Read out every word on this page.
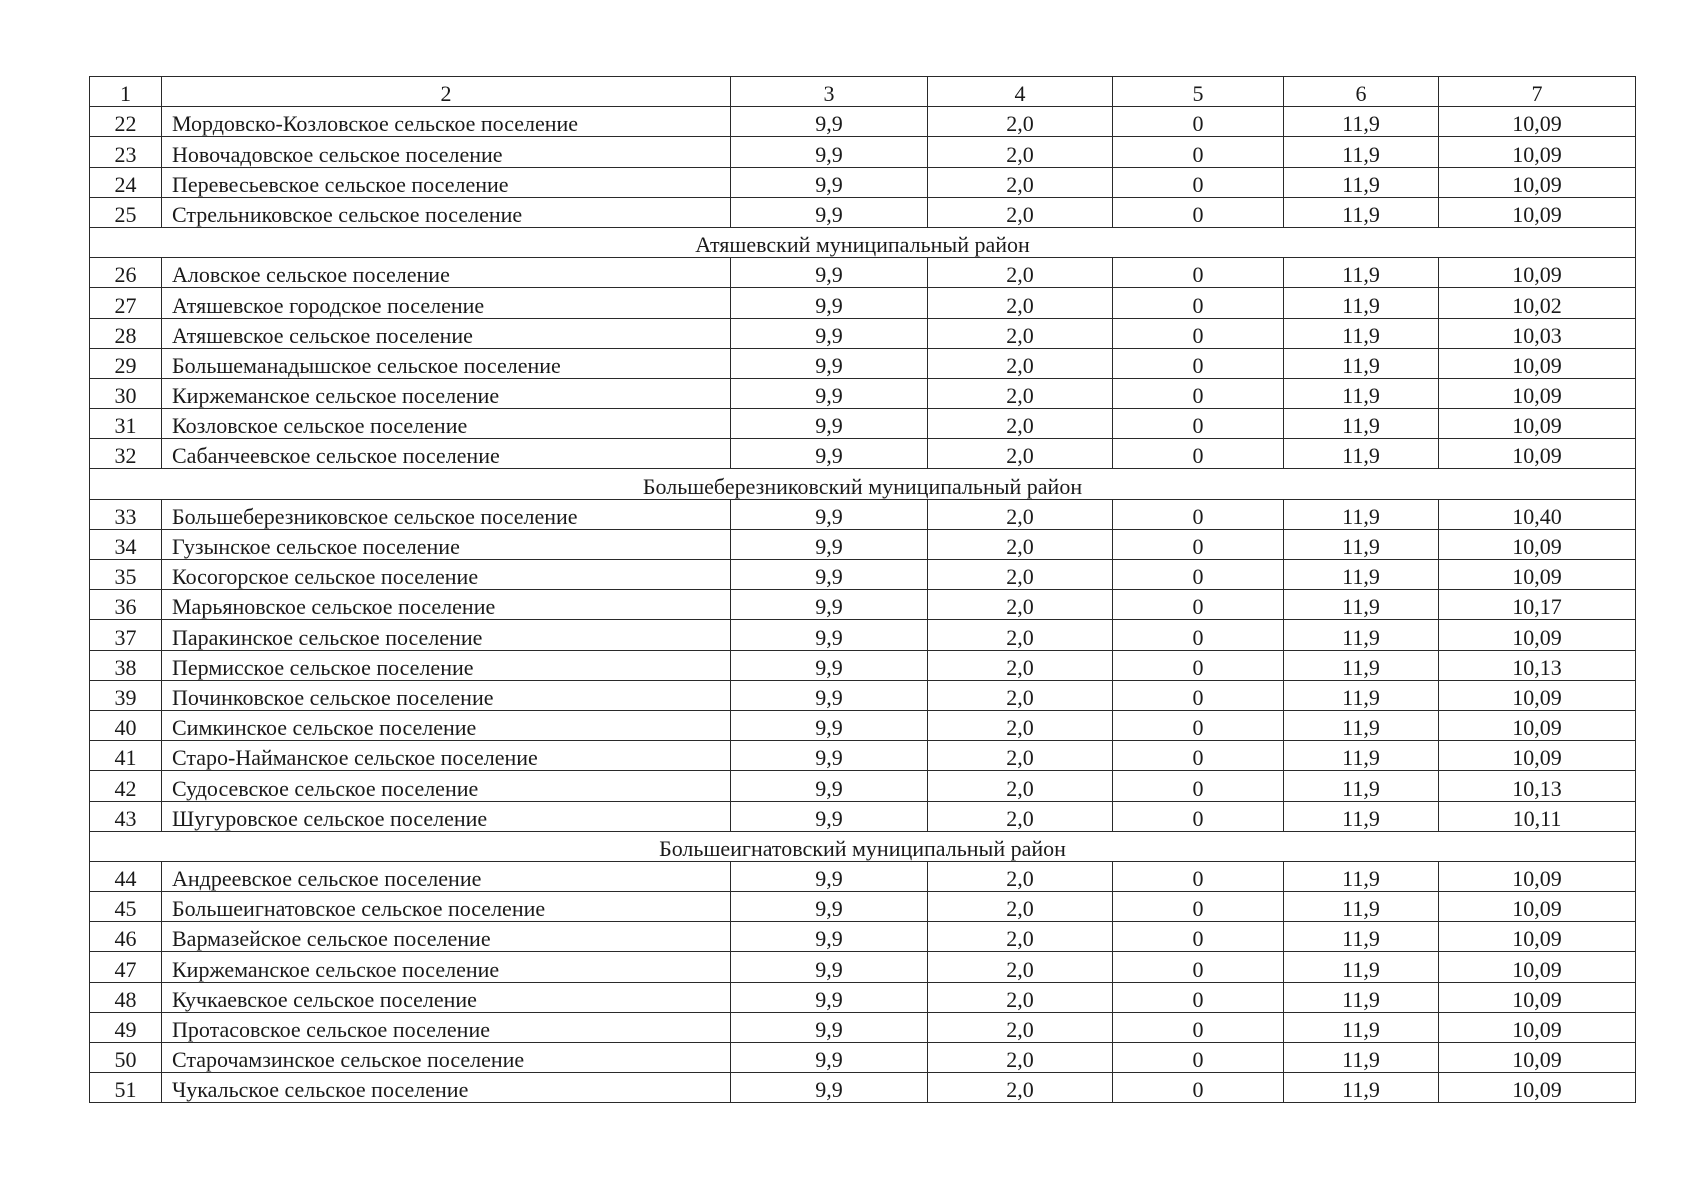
1	2	3	4	5	6	7
22	Мордовско-Козловское сельское поселение	9,9	2,0	0	11,9	10,09
23	Новочадовское сельское поселение	9,9	2,0	0	11,9	10,09
24	Перевесьевское сельское поселение	9,9	2,0	0	11,9	10,09
25	Стрельниковское сельское поселение	9,9	2,0	0	11,9	10,09
Атяшевский муниципальный район						
26	Аловское сельское поселение	9,9	2,0	0	11,9	10,09
27	Атяшевское городское поселение	9,9	2,0	0	11,9	10,02
28	Атяшевское сельское поселение	9,9	2,0	0	11,9	10,03
29	Большеманадышское сельское поселение	9,9	2,0	0	11,9	10,09
30	Киржеманское сельское поселение	9,9	2,0	0	11,9	10,09
31	Козловское сельское поселение	9,9	2,0	0	11,9	10,09
32	Сабанчеевское сельское поселение	9,9	2,0	0	11,9	10,09
Большеберезниковский муниципальный район						
33	Большеберезниковское сельское поселение	9,9	2,0	0	11,9	10,40
34	Гузынское сельское поселение	9,9	2,0	0	11,9	10,09
35	Косогорское сельское поселение	9,9	2,0	0	11,9	10,09
36	Марьяновское сельское поселение	9,9	2,0	0	11,9	10,17
37	Паракинское сельское поселение	9,9	2,0	0	11,9	10,09
38	Пермисское сельское поселение	9,9	2,0	0	11,9	10,13
39	Починковское сельское поселение	9,9	2,0	0	11,9	10,09
40	Симкинское сельское поселение	9,9	2,0	0	11,9	10,09
41	Старо-Найманское сельское поселение	9,9	2,0	0	11,9	10,09
42	Судосевское сельское поселение	9,9	2,0	0	11,9	10,13
43	Шугуровское сельское поселение	9,9	2,0	0	11,9	10,11
Большеигнатовский муниципальный район						
44	Андреевское сельское поселение	9,9	2,0	0	11,9	10,09
45	Большеигнатовское сельское поселение	9,9	2,0	0	11,9	10,09
46	Вармазейское сельское поселение	9,9	2,0	0	11,9	10,09
47	Киржеманское сельское поселение	9,9	2,0	0	11,9	10,09
48	Кучкаевское сельское поселение	9,9	2,0	0	11,9	10,09
49	Протасовское сельское поселение	9,9	2,0	0	11,9	10,09
50	Старочамзинское сельское поселение	9,9	2,0	0	11,9	10,09
51	Чукальское сельское поселение	9,9	2,0	0	11,9	10,09
